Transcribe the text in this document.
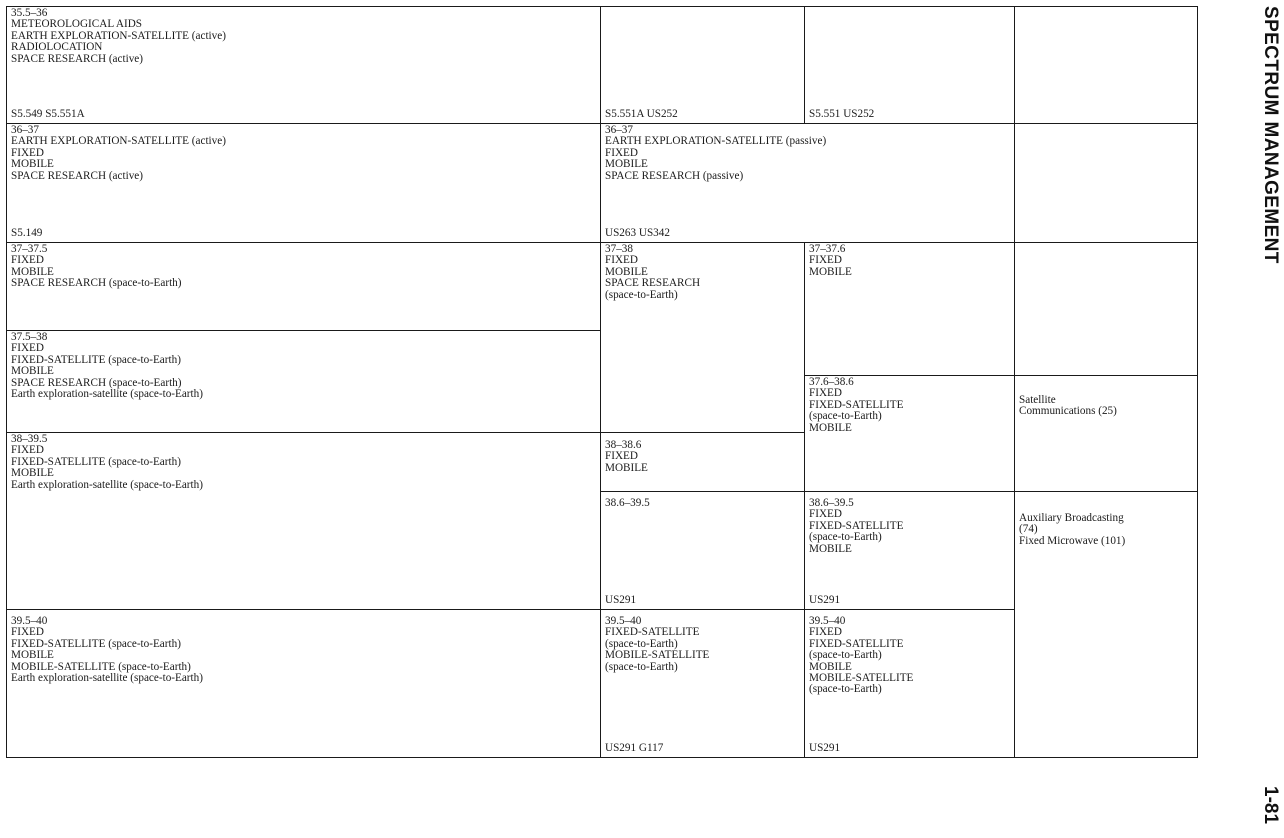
SPECTRUM MANAGEMENT
1-81
35.5–36
METEOROLOGICAL AIDS
EARTH EXPLORATION-SATELLITE (active)
RADIOLOCATION
SPACE RESEARCH (active)
S5.549 S5.551A	S5.551A US252	S5.551 US252
36–37
EARTH EXPLORATION-SATELLITE (active)
FIXED
MOBILE
SPACE RESEARCH (active)
S5.149
36–37
EARTH EXPLORATION-SATELLITE (passive)
FIXED
MOBILE
SPACE RESEARCH (passive)
US263 US342
37–37.5
FIXED
MOBILE
SPACE RESEARCH (space-to-Earth)
37–38
FIXED
MOBILE
SPACE RESEARCH
(space-to-Earth)
37–37.6
FIXED
MOBILE
37.5–38
FIXED
FIXED-SATELLITE (space-to-Earth)
MOBILE
SPACE RESEARCH (space-to-Earth)
Earth exploration-satellite (space-to-Earth)
37.6–38.6
FIXED
FIXED-SATELLITE
(space-to-Earth)
MOBILE
Satellite
Communications (25)
38–39.5
FIXED
FIXED-SATELLITE (space-to-Earth)
MOBILE
Earth exploration-satellite (space-to-Earth)
38–38.6
FIXED
MOBILE
38.6–39.5
US291
38.6–39.5
FIXED
FIXED-SATELLITE
(space-to-Earth)
MOBILE
US291
Auxiliary Broadcasting
(74)
Fixed Microwave (101)
39.5–40
FIXED
FIXED-SATELLITE (space-to-Earth)
MOBILE
MOBILE-SATELLITE (space-to-Earth)
Earth exploration-satellite (space-to-Earth)
39.5–40
FIXED-SATELLITE
(space-to-Earth)
MOBILE-SATELLITE
(space-to-Earth)
US291 G117
39.5–40
FIXED
FIXED-SATELLITE
(space-to-Earth)
MOBILE
MOBILE-SATELLITE
(space-to-Earth)
US291
